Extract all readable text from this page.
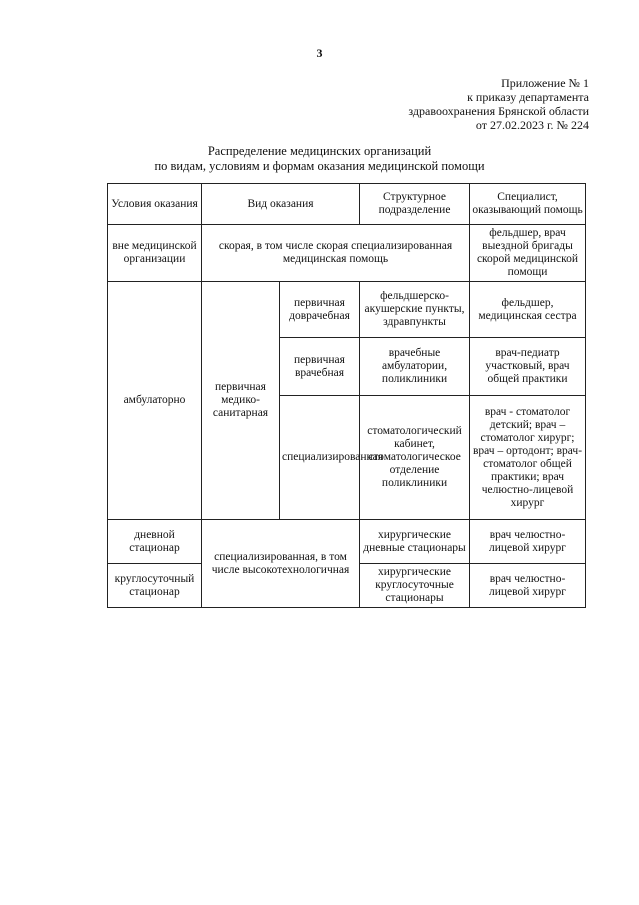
3
Приложение № 1
к приказу департамента
здравоохранения Брянской области
от 27.02.2023 г. № 224
Распределение медицинских организаций
по видам, условиям и формам оказания медицинской помощи
Условия оказания	Вид оказания		Структурное подразделение	Специалист, оказывающий помощь
вне медицинской организации	скорая, в том числе скорая специализированная медицинская помощь			фельдшер, врач выездной бригады скорой медицинской помощи
амбулаторно	первичная медико-санитарная	первичная доврачебная	фельдшерско-акушерские пункты, здравпункты	фельдшер, медицинская сестра
		первичная врачебная	врачебные амбулатории, поликлиники	врач-педиатр участковый, врач общей практики
		специализированная	стоматологический кабинет, стоматологическое отделение поликлиники	врач - стоматолог детский; врач – стоматолог хирург; врач – ортодонт; врач-стоматолог общей практики; врач челюстно-лицевой хирург
дневной стационар	специализированная, в том числе высокотехнологичная		хирургические дневные стационары	врач челюстно-лицевой хирург
круглосуточный стационар			хирургические круглосуточные стационары	врач челюстно-лицевой хирург
